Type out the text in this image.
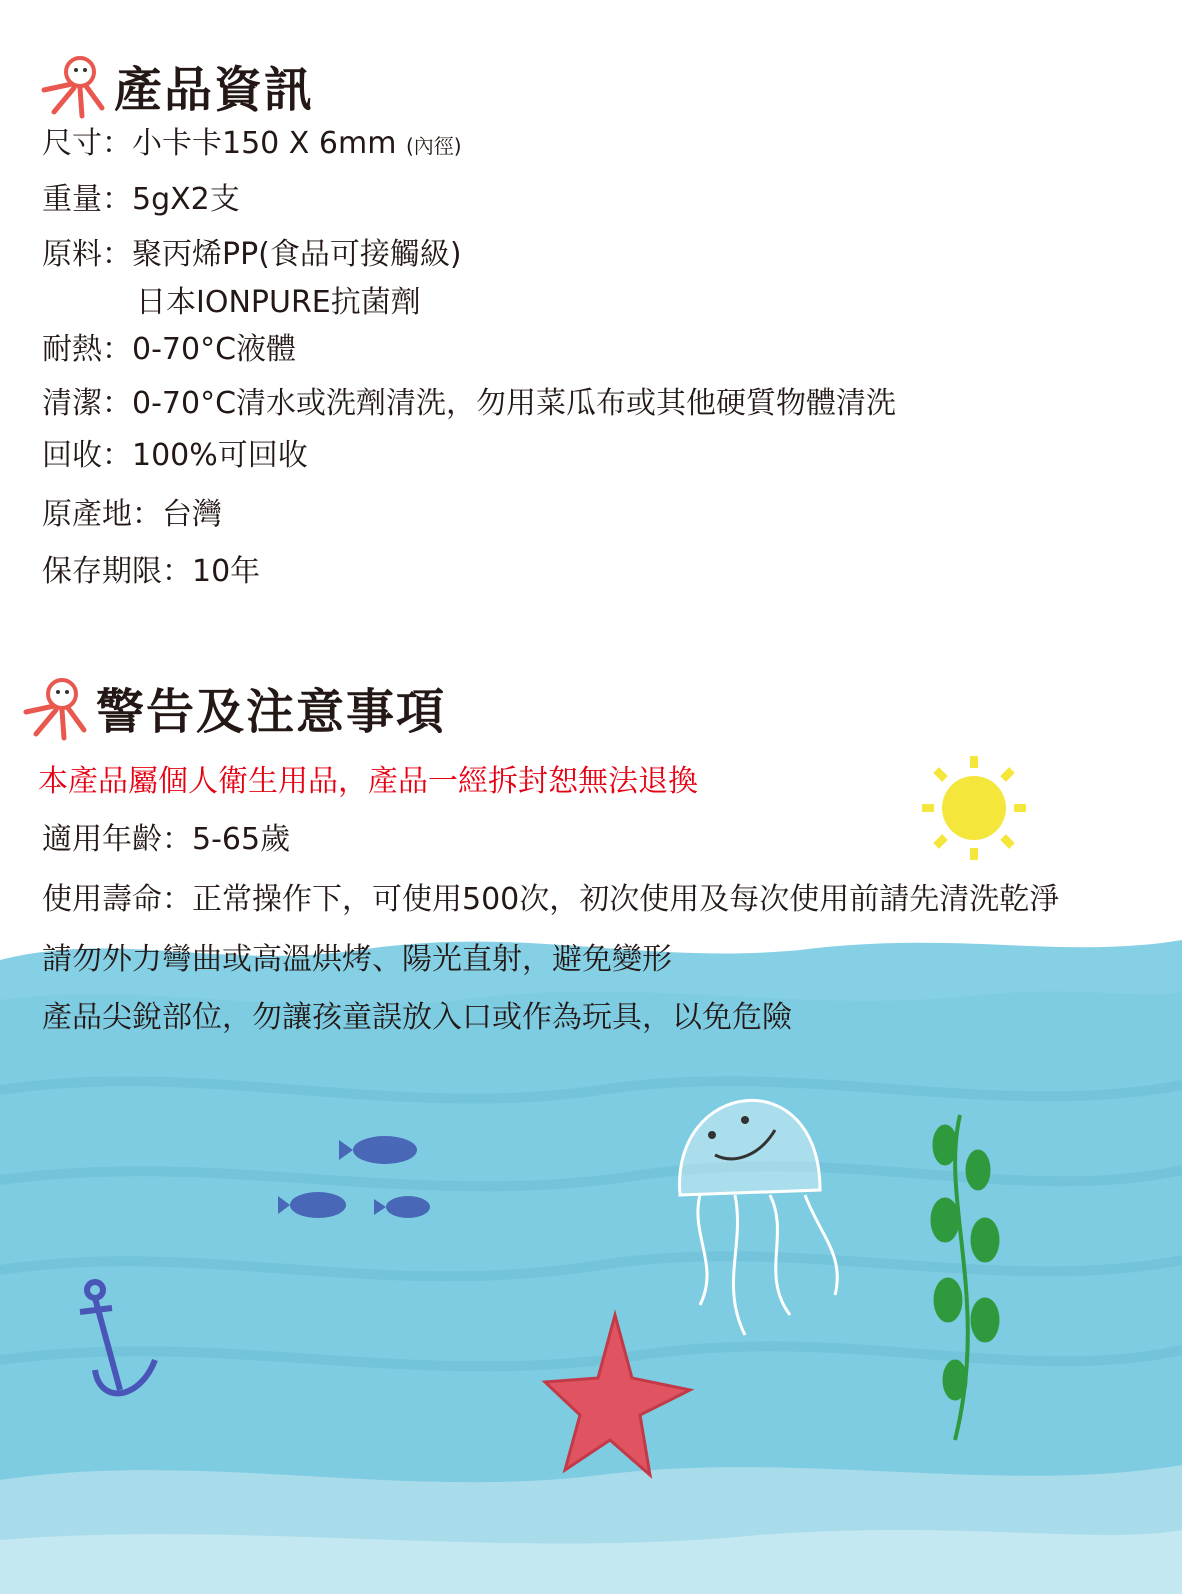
產品資訊
尺寸：小卡卡150 X 6mm (內徑)
重量：5gX2支
原料：聚丙烯PP(食品可接觸級)
日本IONPURE抗菌劑
耐熱：0-70°C液體
清潔：0-70°C清水或洗劑清洗，勿用菜瓜布或其他硬質物體清洗
回收：100%可回收
原產地：台灣
保存期限：10年
警告及注意事項
本產品屬個人衛生用品，產品一經拆封恕無法退換
適用年齡：5-65歲
使用壽命：正常操作下，可使用500次，初次使用及每次使用前請先清洗乾淨
請勿外力彎曲或高溫烘烤、陽光直射，避免變形
產品尖銳部位，勿讓孩童誤放入口或作為玩具，以免危險
